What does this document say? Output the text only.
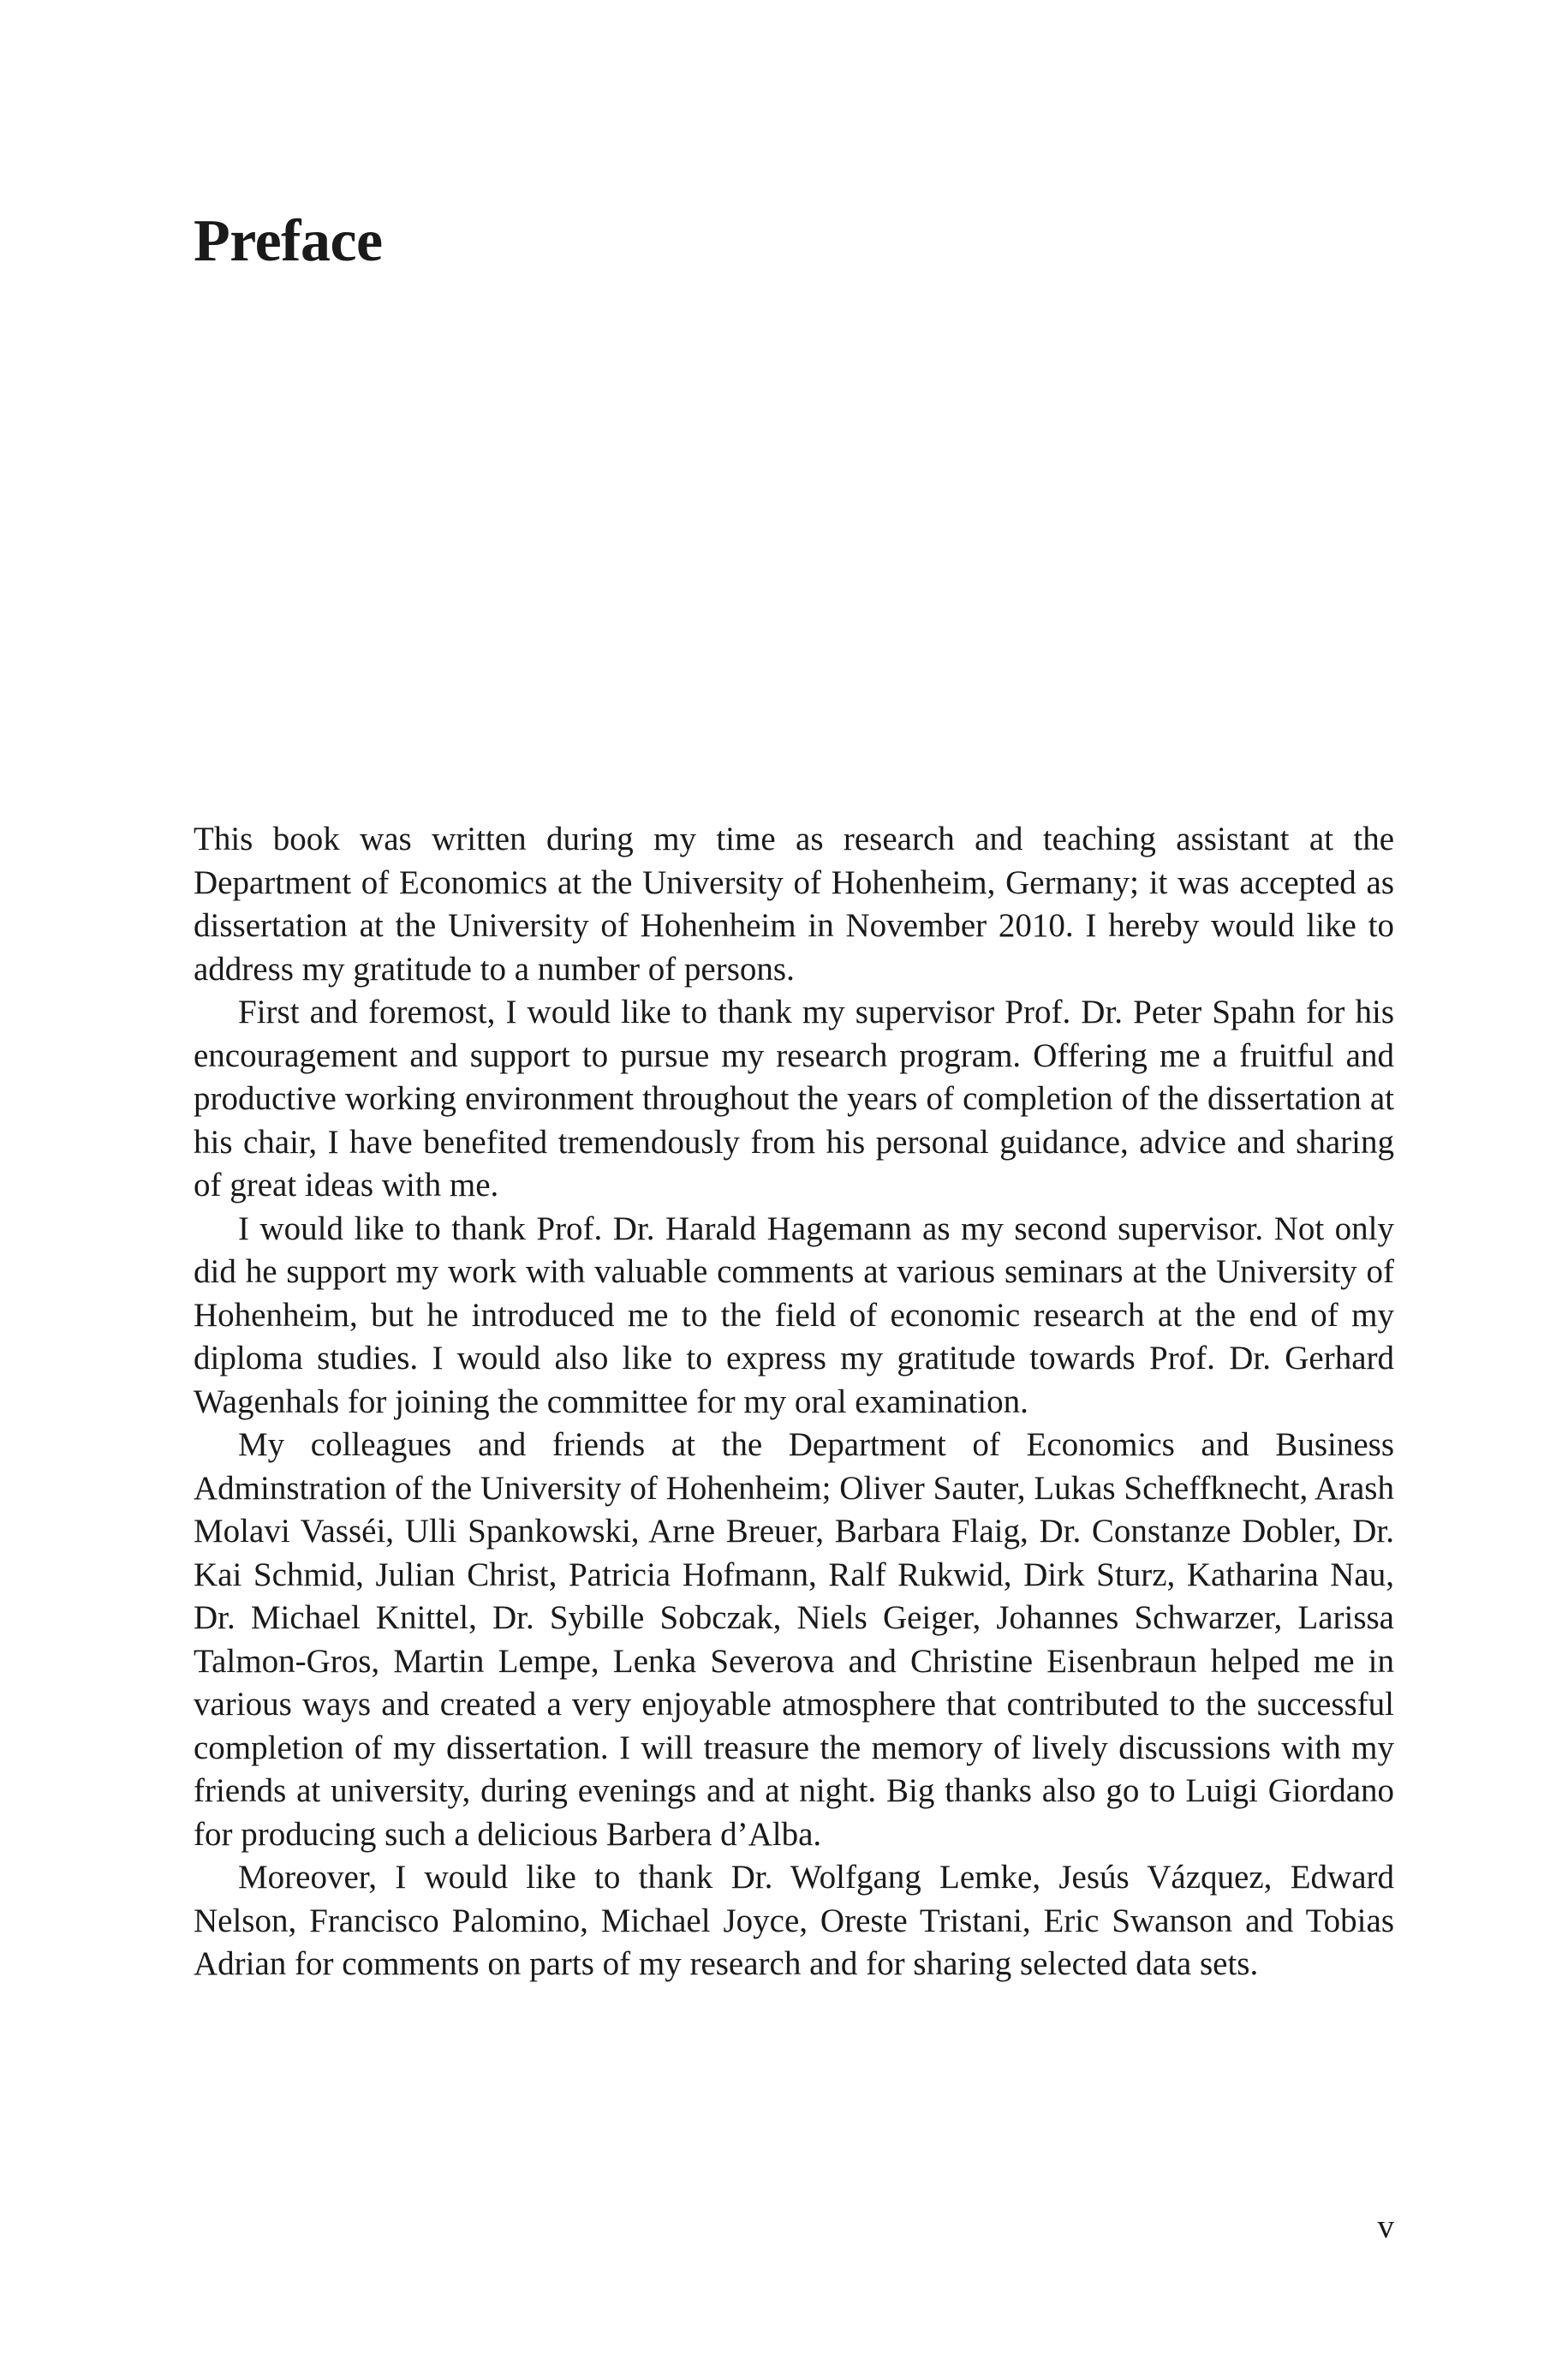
Preface

This book was written during my time as research and teaching assistant at the Department of Economics at the University of Hohenheim, Germany; it was accepted as dissertation at the University of Hohenheim in November 2010. I hereby would like to address my gratitude to a number of persons.

First and foremost, I would like to thank my supervisor Prof. Dr. Peter Spahn for his encouragement and support to pursue my research program. Offering me a fruitful and productive working environment throughout the years of completion of the dissertation at his chair, I have benefited tremendously from his personal guidance, advice and sharing of great ideas with me.

I would like to thank Prof. Dr. Harald Hagemann as my second supervisor. Not only did he support my work with valuable comments at various seminars at the University of Hohenheim, but he introduced me to the field of economic research at the end of my diploma studies. I would also like to express my gratitude towards Prof. Dr. Gerhard Wagenhals for joining the committee for my oral examination.

My colleagues and friends at the Department of Economics and Business Adminstration of the University of Hohenheim; Oliver Sauter, Lukas Scheffknecht, Arash Molavi Vasséi, Ulli Spankowski, Arne Breuer, Barbara Flaig, Dr. Constanze Dobler, Dr. Kai Schmid, Julian Christ, Patricia Hofmann, Ralf Rukwid, Dirk Sturz, Katharina Nau, Dr. Michael Knittel, Dr. Sybille Sobczak, Niels Geiger, Johannes Schwarzer, Larissa Talmon-Gros, Martin Lempe, Lenka Severova and Christine Eisenbraun helped me in various ways and created a very enjoyable atmosphere that contributed to the successful completion of my dissertation. I will treasure the memory of lively discussions with my friends at university, during evenings and at night. Big thanks also go to Luigi Giordano for producing such a delicious Barbera d’Alba.

Moreover, I would like to thank Dr. Wolfgang Lemke, Jesús Vázquez, Edward Nelson, Francisco Palomino, Michael Joyce, Oreste Tristani, Eric Swanson and Tobias Adrian for comments on parts of my research and for sharing selected data sets.

v
